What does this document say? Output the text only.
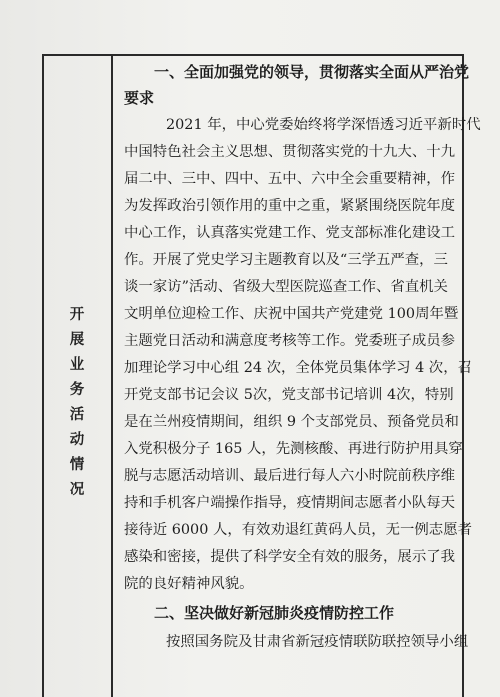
开
展
业
务
活
动
情
况
一、全面加强党的领导，贯彻落实全面从严治党
要求
2021 年，中心党委始终将学深悟透习近平新时代
中国特色社会主义思想、贯彻落实党的十九大、十九
届二中、三中、四中、五中、六中全会重要精神，作
为发挥政治引领作用的重中之重，紧紧围绕医院年度
中心工作，认真落实党建工作、党支部标准化建设工
作。开展了党史学习主题教育以及“三学五严查，三
谈一家访”活动、省级大型医院巡查工作、省直机关
文明单位迎检工作、庆祝中国共产党建党 100周年暨
主题党日活动和满意度考核等工作。党委班子成员参
加理论学习中心组 24 次，全体党员集体学习 4 次，召
开党支部书记会议 5次，党支部书记培训 4次，特别
是在兰州疫情期间，组织 9 个支部党员、预备党员和
入党积极分子 165 人，先测核酸、再进行防护用具穿
脱与志愿活动培训、最后进行每人六小时院前秩序维
持和手机客户端操作指导，疫情期间志愿者小队每天
接待近 6000 人，有效劝退红黄码人员，无一例志愿者
感染和密接，提供了科学安全有效的服务，展示了我
院的良好精神风貌。
二、坚决做好新冠肺炎疫情防控工作
按照国务院及甘肃省新冠疫情联防联控领导小组
